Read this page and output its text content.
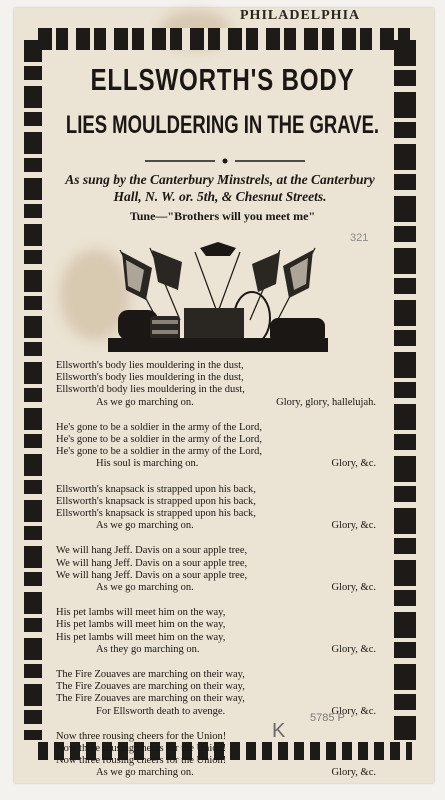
PHILADELPHIA
ELLSWORTH'S BODY
LIES MOULDERING IN THE GRAVE.
As sung by the Canterbury Minstrels, at the Canterbury Hall, N. W. or. 5th, & Chesnut Streets.
Tune—"Brothers will you meet me"
321
Ellsworth's body lies mouldering in the dust,
Ellsworth's body lies mouldering in the dust,
Ellsworth'd body lies mouldering in the dust,
As we go marching on.	Glory, glory, hallelujah.
He's gone to be a soldier in the army of the Lord,
He's gone to be a soldier in the army of the Lord,
He's gone to be a soldier in the army of the Lord,
His soul is marching on.	Glory, &c.
Ellsworth's knapsack is strapped upon his back,
Ellsworth's knapsack is strapped upon his back,
Ellsworth's knapsack is strapped upon his back,
As we go marching on.	Glory, &c.
We will hang Jeff. Davis on a sour apple tree,
We will hang Jeff. Davis on a sour apple tree,
We will hang Jeff. Davis on a sour apple tree,
As we go marching on.	Glory, &c.
His pet lambs will meet him on the way,
His pet lambs will meet him on the way,
His pet lambs will meet him on the way,
As they go marching on.	Glory, &c.
The Fire Zouaves are marching on their way,
The Fire Zouaves are marching on their way,
The Fire Zouaves are marching on their way,
For Ellsworth death to avenge.	Glory, &c.
Now three rousing cheers for the Union!
Now three rousing cheers for the Union!
Now three rousing cheers for the Union!
As we go marching on.	Glory, &c.
K
5785 P
